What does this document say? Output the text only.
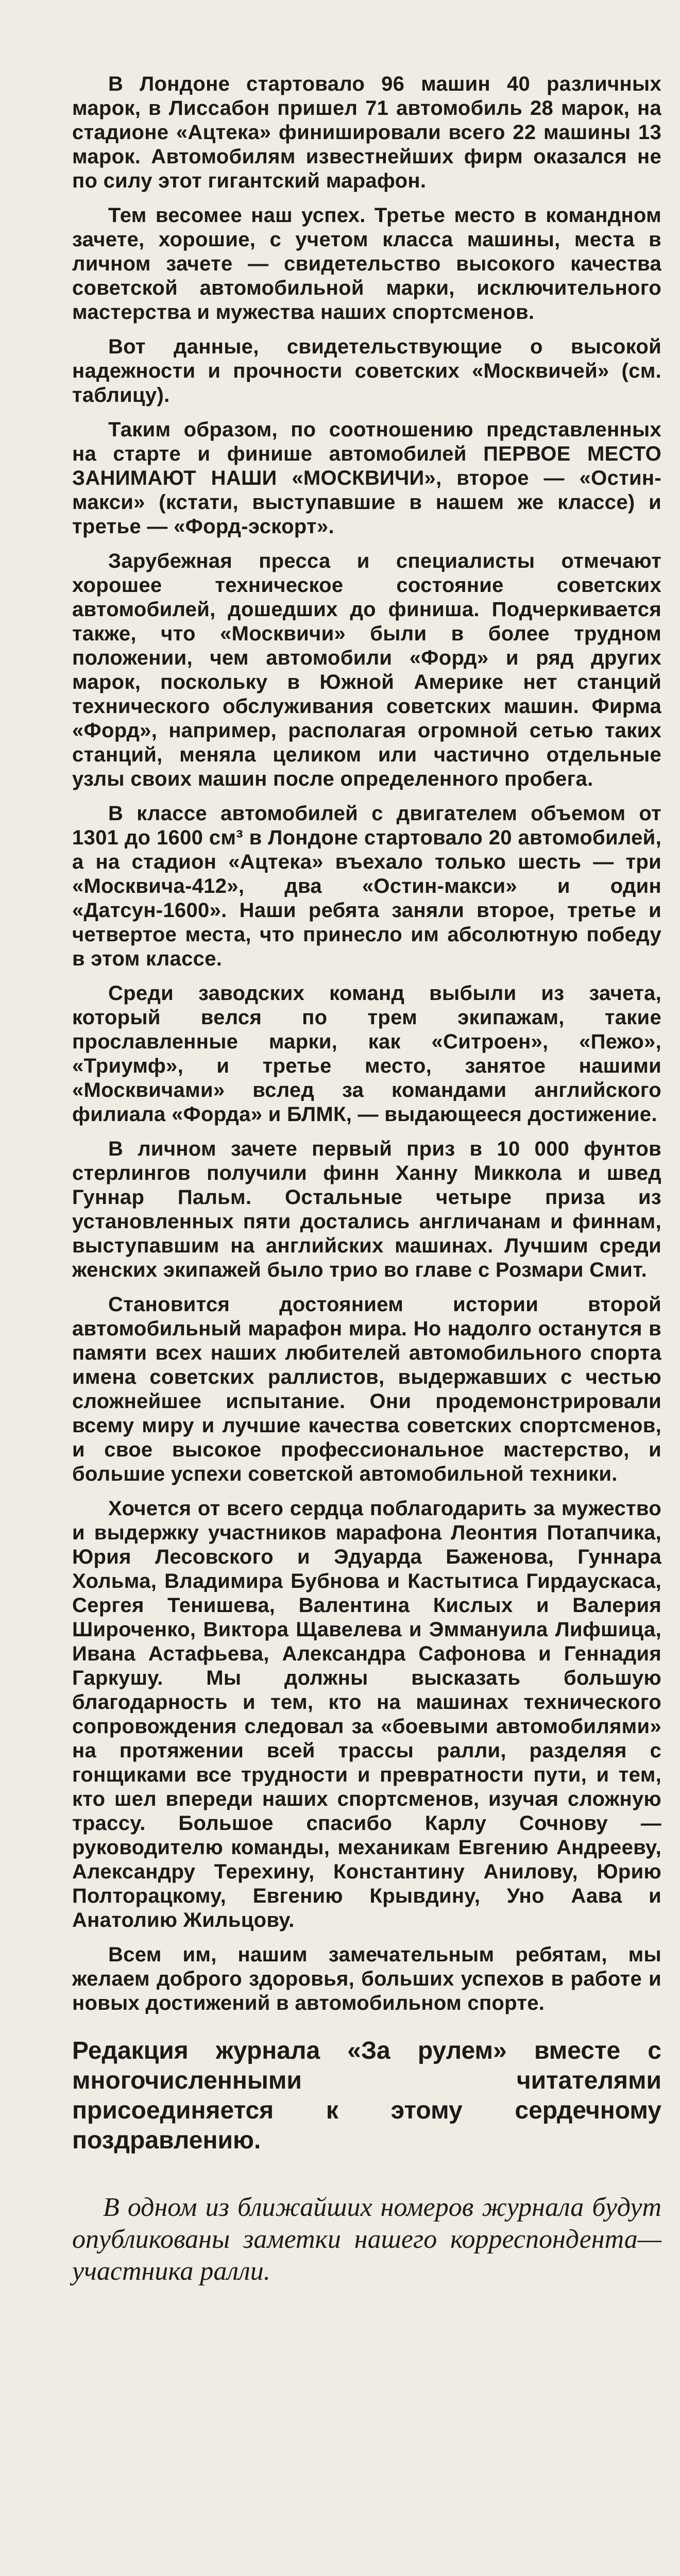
В Лондоне стартовало 96 машин 40 различных марок, в Лиссабон пришел 71 автомобиль 28 марок, на стадионе «Ацтека» финишировали всего 22 машины 13 марок. Автомобилям известнейших фирм оказался не по силу этот гигантский марафон.

Тем весомее наш успех. Третье место в командном зачете, хорошие, с учетом класса машины, места в личном зачете — свидетельство высокого качества советской автомобильной марки, исключительного мастерства и мужества наших спортсменов.

Вот данные, свидетельствующие о высокой надежности и прочности советских «Москвичей» (см. таблицу).

Таким образом, по соотношению представленных на старте и финише автомобилей ПЕРВОЕ МЕСТО ЗАНИМАЮТ НАШИ «МОСКВИЧИ», второе — «Остин-макси» (кстати, выступавшие в нашем же классе) и третье — «Форд-эскорт».

Зарубежная пресса и специалисты отмечают хорошее техническое состояние советских автомобилей, дошедших до финиша. Подчеркивается также, что «Москвичи» были в более трудном положении, чем автомобили «Форд» и ряд других марок, поскольку в Южной Америке нет станций технического обслуживания советских машин. Фирма «Форд», например, располагая огромной сетью таких станций, меняла целиком или частично отдельные узлы своих машин после определенного пробега.

В классе автомобилей с двигателем объемом от 1301 до 1600 см³ в Лондоне стартовало 20 автомобилей, а на стадион «Ацтека» въехало только шесть — три «Москвича-412», два «Остин-макси» и один «Датсун-1600». Наши ребята заняли второе, третье и четвертое места, что принесло им абсолютную победу в этом классе.

Среди заводских команд выбыли из зачета, который велся по трем экипажам, такие прославленные марки, как «Ситроен», «Пежо», «Триумф», и третье место, занятое нашими «Москвичами» вслед за командами английского филиала «Форда» и БЛМК, — выдающееся достижение.

В личном зачете первый приз в 10 000 фунтов стерлингов получили финн Ханну Миккола и швед Гуннар Пальм. Остальные четыре приза из установленных пяти достались англичанам и финнам, выступавшим на английских машинах. Лучшим среди женских экипажей было трио во главе с Розмари Смит.

Становится достоянием истории второй автомобильный марафон мира. Но надолго останутся в памяти всех наших любителей автомобильного спорта имена советских раллистов, выдержавших с честью сложнейшее испытание. Они продемонстрировали всему миру и лучшие качества советских спортсменов, и свое высокое профессиональное мастерство, и большие успехи советской автомобильной техники.

Хочется от всего сердца поблагодарить за мужество и выдержку участников марафона Леонтия Потапчика, Юрия Лесовского и Эдуарда Баженова, Гуннара Хольма, Владимира Бубнова и Кастытиса Гирдаускаса, Сергея Тенишева, Валентина Кислых и Валерия Широченко, Виктора Щавелева и Эммануила Лифшица, Ивана Астафьева, Александра Сафонова и Геннадия Гаркушу. Мы должны высказать большую благодарность и тем, кто на машинах технического сопровождения следовал за «боевыми автомобилями» на протяжении всей трассы ралли, разделяя с гонщиками все трудности и превратности пути, и тем, кто шел впереди наших спортсменов, изучая сложную трассу. Большое спасибо Карлу Сочнову — руководителю команды, механикам Евгению Андрееву, Александру Терехину, Константину Анилову, Юрию Полторацкому, Евгению Крывдину, Уно Аава и Анатолию Жильцову.

Всем им, нашим замечательным ребятам, мы желаем доброго здоровья, больших успехов в работе и новых достижений в автомобильном спорте.

Редакция журнала «За рулем» вместе с многочисленными читателями присоединяется к этому сердечному поздравлению.

В одном из ближайших номеров журнала будут опубликованы заметки нашего корреспондента—участника ралли.
